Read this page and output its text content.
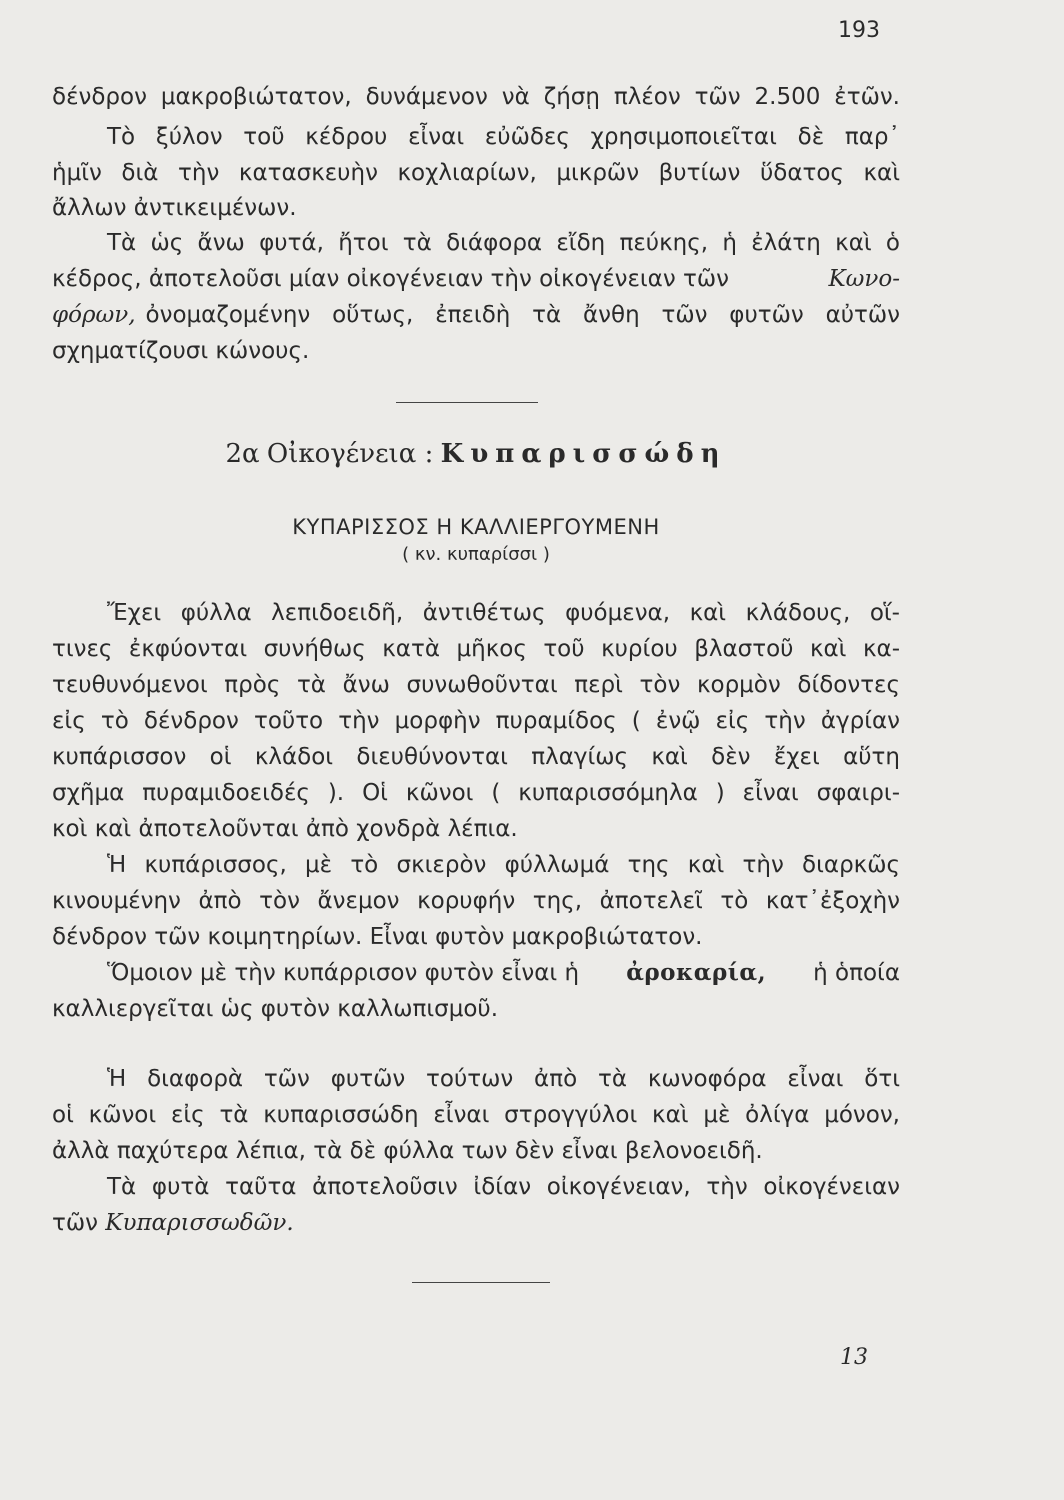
193
δένδρον μακροβιώτατον, δυνάμενον νὰ ζήσῃ πλέον τῶν 2.500 ἐτῶν.
Τὸ ξύλον τοῦ κέδρου εἶναι εὐῶδες χρησιμοποιεῖται δὲ παρ᾽
ἡμῖν διὰ τὴν κατασκευὴν κοχλιαρίων, μικρῶν βυτίων ὕδατος καὶ
ἄλλων ἀντικειμένων.
Τὰ ὡς ἄνω φυτά, ἤτοι τὰ διάφορα εἴδη πεύκης, ἡ ἐλάτη καὶ ὁ
κέδρος, ἀποτελοῦσι μίαν οἰκογένειαν τὴν οἰκογένειαν τῶν	Κωνο-
φόρων, ὀνομαζομένην οὕτως, ἐπειδὴ τὰ ἄνθη τῶν φυτῶν αὐτῶν
σχηματίζουσι κώνους.
2α Οἰκογένεια : Κυπαρισσώδη
ΚΥΠΑΡΙΣΣΟΣ Η ΚΑΛΛΙΕΡΓΟΥΜΕΝΗ
( κν. κυπαρίσσι )
Ἔχει φύλλα λεπιδοειδῆ, ἀντιθέτως φυόμενα, καὶ κλάδους, οἵ-
τινες ἐκφύονται συνήθως κατὰ μῆκος τοῦ κυρίου βλαστοῦ καὶ κα-
τευθυνόμενοι πρὸς τὰ ἄνω συνωθοῦνται περὶ τὸν κορμὸν δίδοντες
εἰς τὸ δένδρον τοῦτο τὴν μορφὴν πυραμίδος ( ἐνῷ εἰς τὴν ἀγρίαν
κυπάρισσον οἱ κλάδοι διευθύνονται πλαγίως καὶ δὲν ἔχει αὕτη
σχῆμα πυραμιδοειδές ). Οἱ κῶνοι ( κυπαρισσόμηλα ) εἶναι σφαιρι-
κοὶ καὶ ἀποτελοῦνται ἀπὸ χονδρὰ λέπια.
Ἡ κυπάρισσος, μὲ τὸ σκιερὸν φύλλωμά της καὶ τὴν διαρκῶς
κινουμένην ἀπὸ τὸν ἄνεμον κορυφήν της, ἀποτελεῖ τὸ κατ᾽ἐξοχὴν
δένδρον τῶν κοιμητηρίων. Εἶναι φυτὸν μακροβιώτατον.
Ὅμοιον μὲ τὴν κυπάρρισον φυτὸν εἶναι ἡ ἀροκαρία, ἡ ὁποία
καλλιεργεῖται ὡς φυτὸν καλλωπισμοῦ.
Ἡ διαφορὰ τῶν φυτῶν τούτων ἀπὸ τὰ κωνοφόρα εἶναι ὅτι
οἱ κῶνοι εἰς τὰ κυπαρισσώδη εἶναι στρογγύλοι καὶ μὲ ὀλίγα μόνον,
ἀλλὰ παχύτερα λέπια, τὰ δὲ φύλλα των δὲν εἶναι βελονοειδῆ.
Τὰ φυτὰ ταῦτα ἀποτελοῦσιν ἰδίαν οἰκογένειαν, τὴν οἰκογένειαν
τῶν Κυπαρισσωδῶν.
13
